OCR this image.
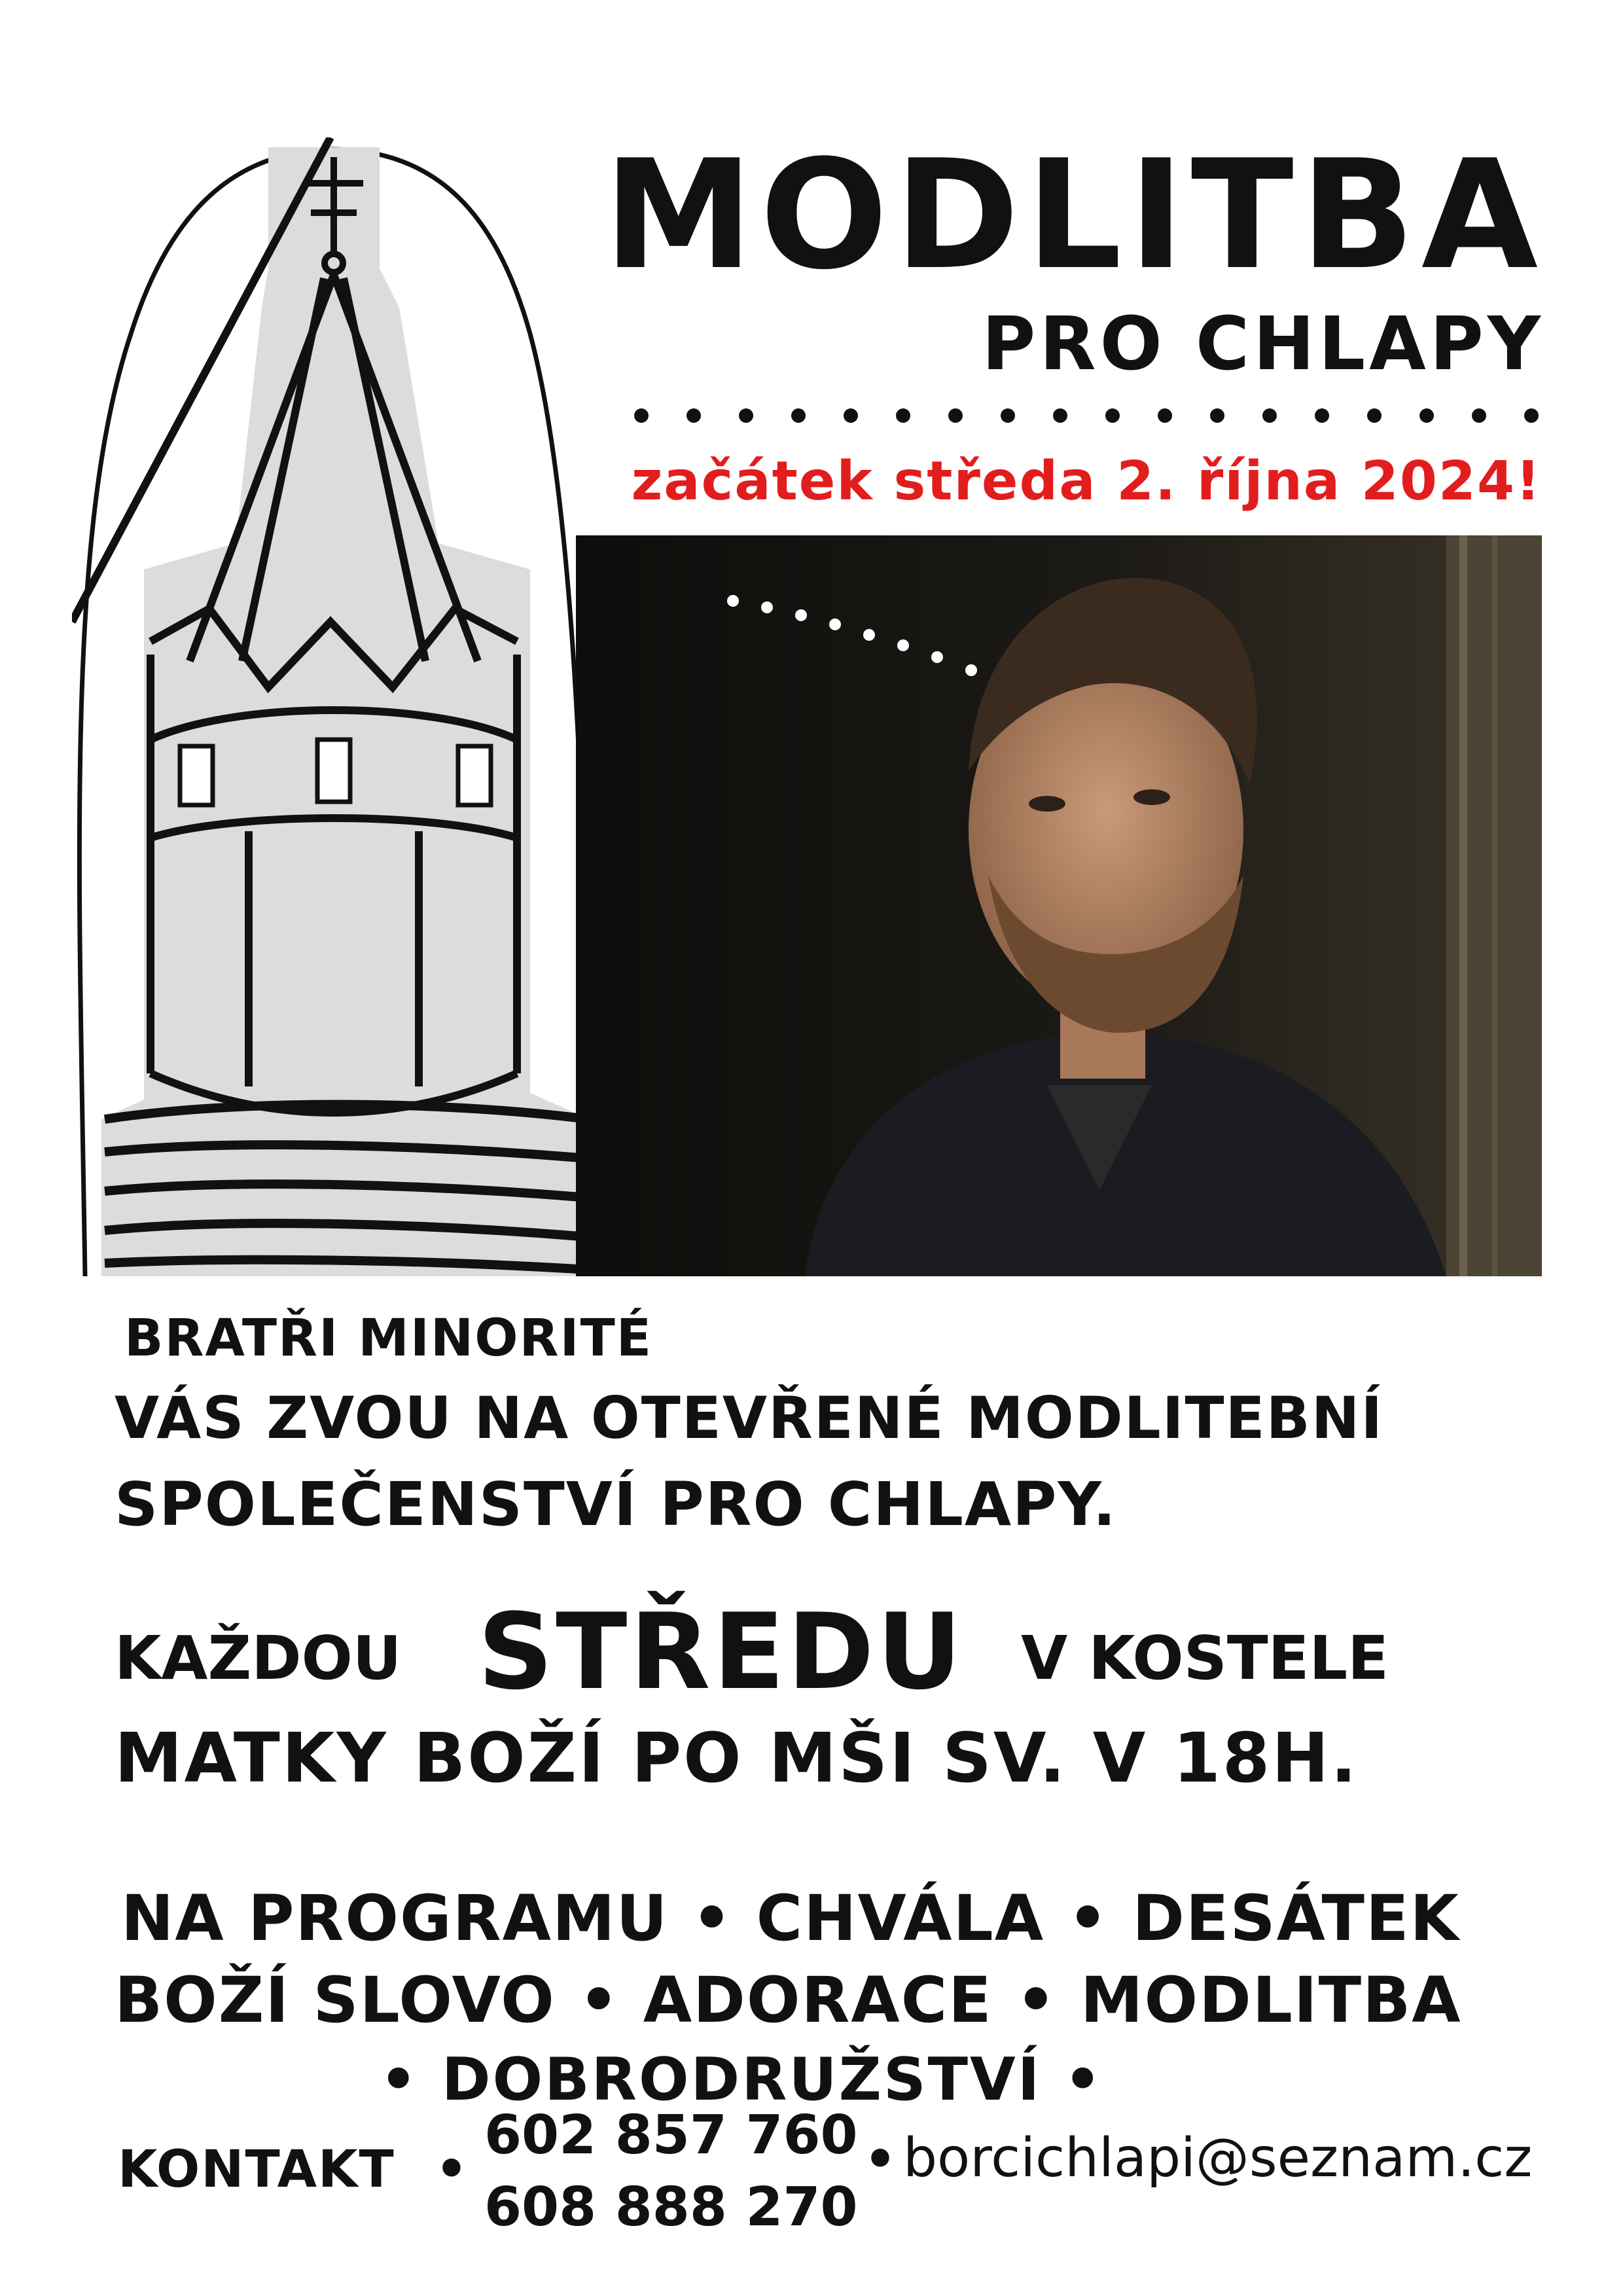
MODLITBA
PRO CHLAPY
začátek středa 2. října 2024!
BRATŘI MINORITÉ
VÁS ZVOU NA OTEVŘENÉ MODLITEBNÍ
SPOLEČENSTVÍ PRO CHLAPY.
KAŽDOU STŘEDU V KOSTELE
MATKY BOŽÍ PO MŠI SV. V 18H.
NA PROGRAMU • CHVÁLA • DESÁTEK
BOŽÍ SLOVO • ADORACE • MODLITBA
• DOBRODRUŽSTVÍ •
KONTAKT •
602 857 760
608 888 270
• borcichlapi@seznam.cz
